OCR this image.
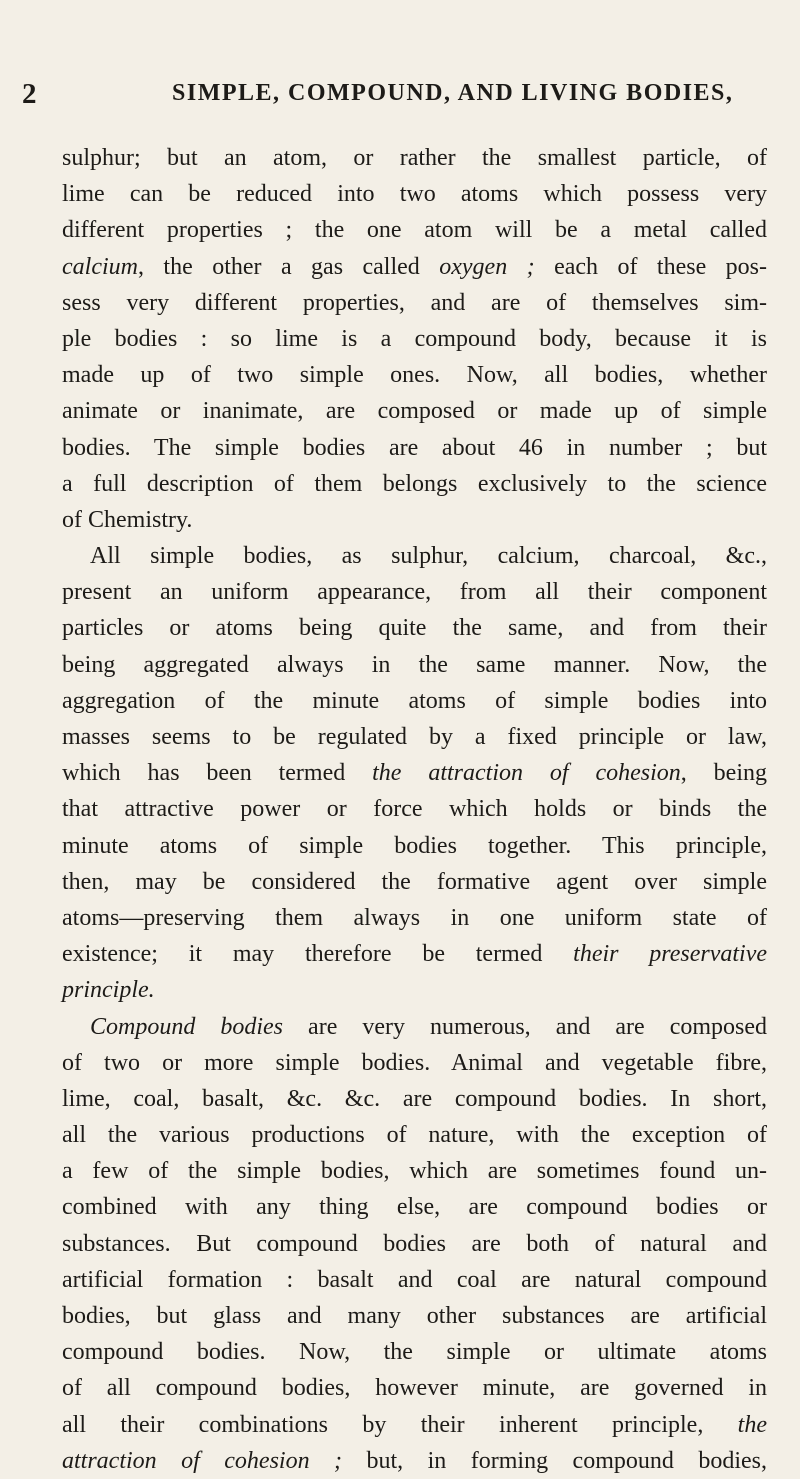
2	SIMPLE, COMPOUND, AND LIVING BODIES,
sulphur; but an atom, or rather the smallest particle, of
lime can be reduced into two atoms which possess very
different properties ; the one atom will be a metal called
calcium, the other a gas called oxygen ; each of these pos-
sess very different properties, and are of themselves sim-
ple bodies : so lime is a compound body, because it is
made up of two simple ones. Now, all bodies, whether
animate or inanimate, are composed or made up of simple
bodies. The simple bodies are about 46 in number ; but
a full description of them belongs exclusively to the science
of Chemistry.
All simple bodies, as sulphur, calcium, charcoal, &c.,
present an uniform appearance, from all their component
particles or atoms being quite the same, and from their
being aggregated always in the same manner. Now, the
aggregation of the minute atoms of simple bodies into
masses seems to be regulated by a fixed principle or law,
which has been termed the attraction of cohesion, being
that attractive power or force which holds or binds the
minute atoms of simple bodies together. This principle,
then, may be considered the formative agent over simple
atoms—preserving them always in one uniform state of
existence; it may therefore be termed their preservative
principle.
Compound bodies are very numerous, and are composed
of two or more simple bodies. Animal and vegetable fibre,
lime, coal, basalt, &c. &c. are compound bodies. In short,
all the various productions of nature, with the exception of
a few of the simple bodies, which are sometimes found un-
combined with any thing else, are compound bodies or
substances. But compound bodies are both of natural and
artificial formation : basalt and coal are natural compound
bodies, but glass and many other substances are artificial
compound bodies. Now, the simple or ultimate atoms
of all compound bodies, however minute, are governed in
all their combinations by their inherent principle, the
attraction of cohesion ; but, in forming compound bodies,
